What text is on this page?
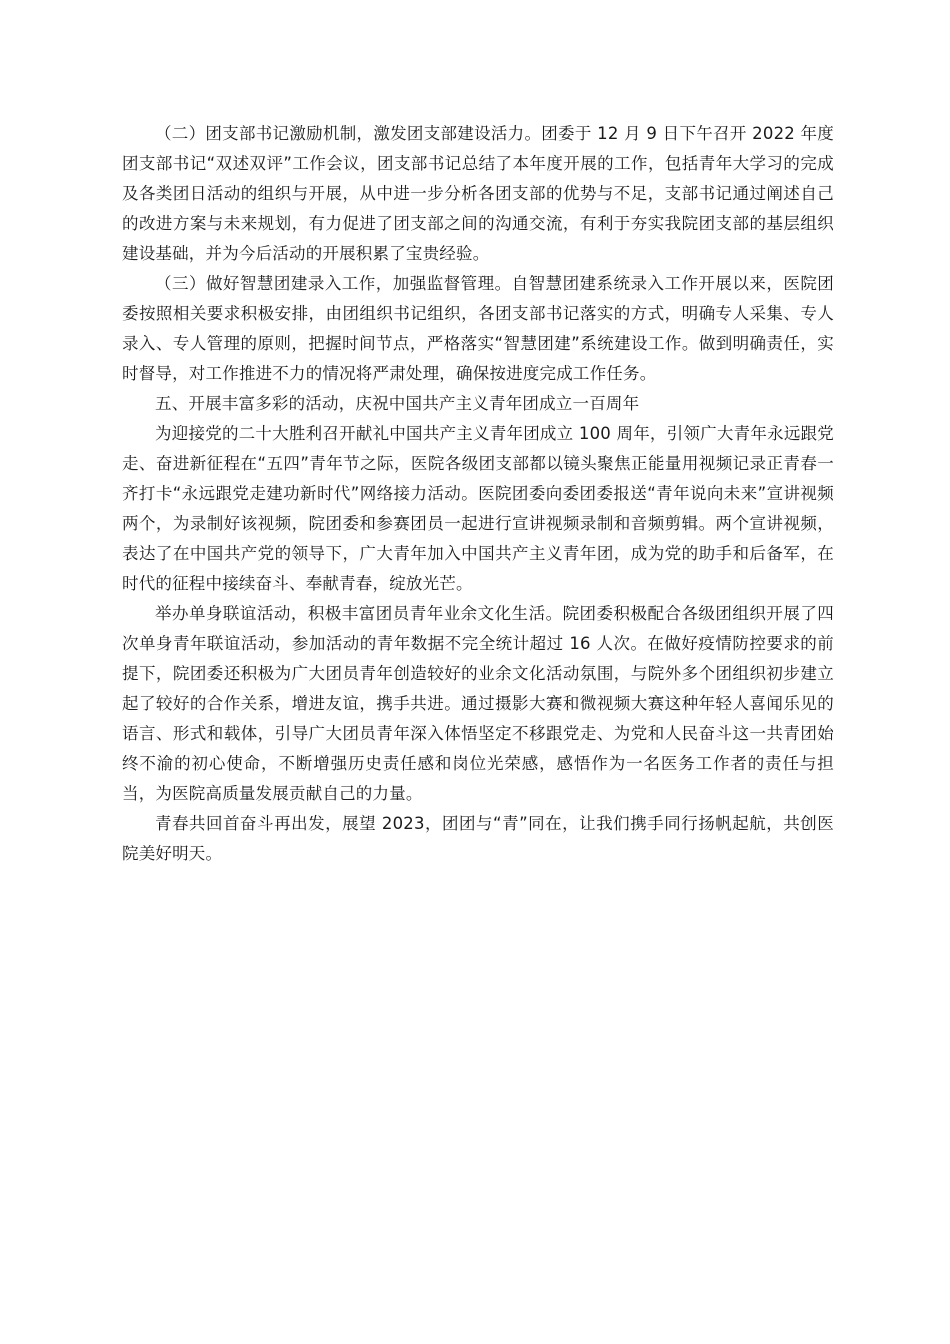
（二）团支部书记激励机制，激发团支部建设活力。团委于 12 月 9 日下午召开 2022 年度团支部书记“双述双评”工作会议，团支部书记总结了本年度开展的工作，包括青年大学习的完成及各类团日活动的组织与开展，从中进一步分析各团支部的优势与不足，支部书记通过阐述自己的改进方案与未来规划，有力促进了团支部之间的沟通交流，有利于夯实我院团支部的基层组织建设基础，并为今后活动的开展积累了宝贵经验。

（三）做好智慧团建录入工作，加强监督管理。自智慧团建系统录入工作开展以来，医院团委按照相关要求积极安排，由团组织书记组织，各团支部书记落实的方式，明确专人采集、专人录入、专人管理的原则，把握时间节点，严格落实“智慧团建”系统建设工作。做到明确责任，实时督导，对工作推进不力的情况将严肃处理，确保按进度完成工作任务。

五、开展丰富多彩的活动，庆祝中国共产主义青年团成立一百周年

为迎接党的二十大胜利召开献礼中国共产主义青年团成立 100 周年，引领广大青年永远跟党走、奋进新征程在“五四”青年节之际，医院各级团支部都以镜头聚焦正能量用视频记录正青春一齐打卡“永远跟党走建功新时代”网络接力活动。医院团委向委团委报送“青年说向未来”宣讲视频两个，为录制好该视频，院团委和参赛团员一起进行宣讲视频录制和音频剪辑。两个宣讲视频，表达了在中国共产党的领导下，广大青年加入中国共产主义青年团，成为党的助手和后备军，在时代的征程中接续奋斗、奉献青春，绽放光芒。

举办单身联谊活动，积极丰富团员青年业余文化生活。院团委积极配合各级团组织开展了四次单身青年联谊活动，参加活动的青年数据不完全统计超过 16 人次。在做好疫情防控要求的前提下，院团委还积极为广大团员青年创造较好的业余文化活动氛围，与院外多个团组织初步建立起了较好的合作关系，增进友谊，携手共进。通过摄影大赛和微视频大赛这种年轻人喜闻乐见的语言、形式和载体，引导广大团员青年深入体悟坚定不移跟党走、为党和人民奋斗这一共青团始终不渝的初心使命，不断增强历史责任感和岗位光荣感，感悟作为一名医务工作者的责任与担当，为医院高质量发展贡献自己的力量。

青春共回首奋斗再出发，展望 2023，团团与“青”同在，让我们携手同行扬帆起航，共创医院美好明天。
